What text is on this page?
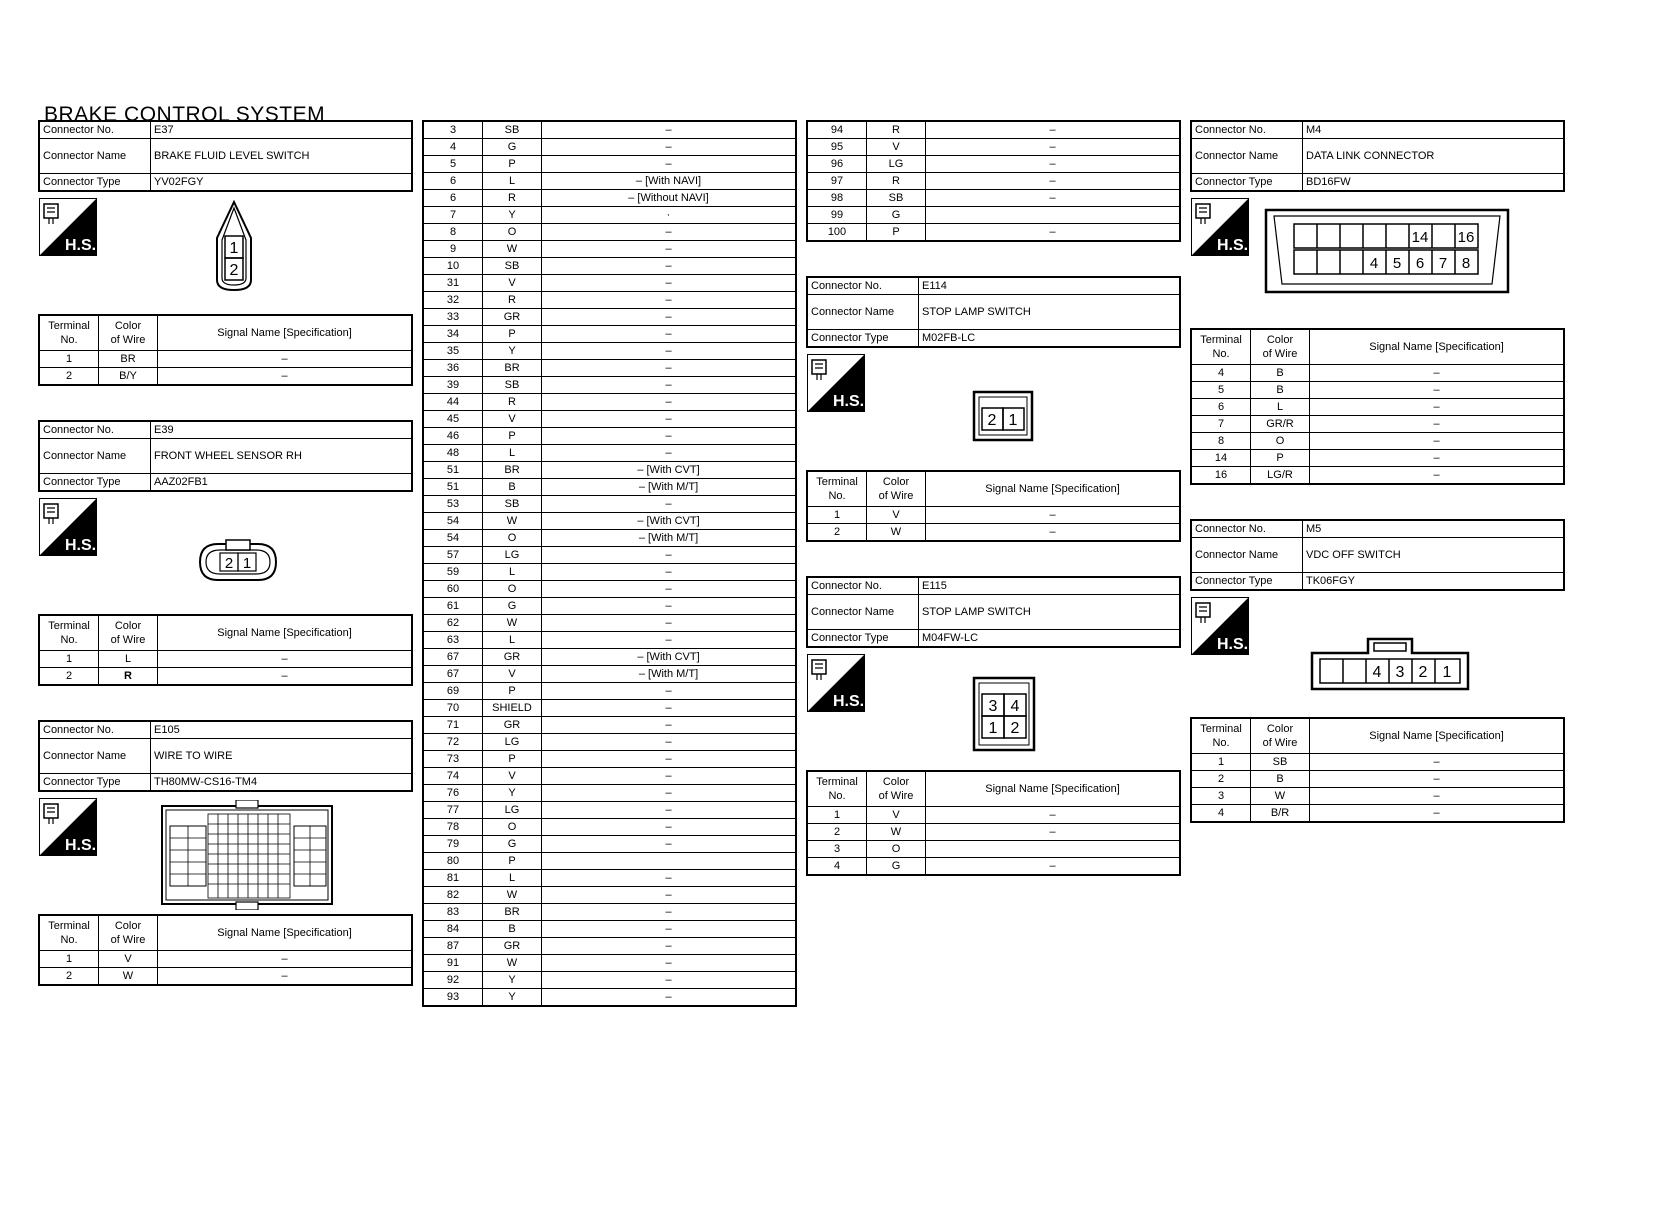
BRAKE CONTROL SYSTEM
Connector No.	E37
Connector Name	BRAKE FLUID LEVEL SWITCH
Connector Type	YV02FGY
H.S.	1
2
Terminal
No.	Color
of Wire	Signal Name [Specification]
1	BR	–
2	B/Y	–
Connector No.	E39
Connector Name	FRONT WHEEL SENSOR RH
Connector Type	AAZ02FB1
H.S.
2 1
Terminal
No.	Color
of Wire	Signal Name [Specification]
1	L	–
2	R	–
Connector No.	E105
Connector Name	WIRE TO WIRE
Connector Type	TH80MW-CS16-TM4
H.S.
Terminal
No.	Color
of Wire	Signal Name [Specification]
1	V	–
2	W	–
3	SB	–
4	G	–
5	P	–
6	L	– [With NAVI]
6	R	– [Without NAVI]
7	Y	·
8	O	–
9	W	–
10	SB	–
31	V	–
32	R	–
33	GR	–
34	P	–
35	Y	–
36	BR	–
39	SB	–
44	R	–
45	V	–
46	P	–
48	L	–
51	BR	– [With CVT]
51	B	– [With M/T]
53	SB	–
54	W	– [With CVT]
54	O	– [With M/T]
57	LG	–
59	L	–
60	O	–
61	G	–
62	W	–
63	L	–
67	GR	– [With CVT]
67	V	– [With M/T]
69	P	–
70	SHIELD	–
71	GR	–
72	LG	–
73	P	–
74	V	–
76	Y	–
77	LG	–
78	O	–
79	G	–
80	P	
81	L	–
82	W	–
83	BR	–
84	B	–
87	GR	–
91	W	–
92	Y	–
93	Y	–
94	R	–
95	V	–
96	LG	–
97	R	–
98	SB	–
99	G	
100	P	–
Connector No.	E114
Connector Name	STOP LAMP SWITCH
Connector Type	M02FB-LC
H.S.
2 1
Terminal
No.	Color
of Wire	Signal Name [Specification]
1	V	–
2	W	–
Connector No.	E115
Connector Name	STOP LAMP SWITCH
Connector Type	M04FW-LC
H.S.	3 4
1 2
Terminal
No.	Color
of Wire	Signal Name [Specification]
1	V	–
2	W	–
3	O	
4	G	–
Connector No.	M4
Connector Name	DATA LINK CONNECTOR
Connector Type	BD16FW
H.S.	14 16
4 5 6 7 8
Terminal
No.	Color
of Wire	Signal Name [Specification]
4	B	–
5	B	–
6	L	–
7	GR/R	–
8	O	–
14	P	–
16	LG/R	–
Connector No.	M5
Connector Name	VDC OFF SWITCH
Connector Type	TK06FGY
H.S.
4 3 2 1
Terminal
No.	Color
of Wire	Signal Name [Specification]
1	SB	–
2	B	–
3	W	–
4	B/R	–
